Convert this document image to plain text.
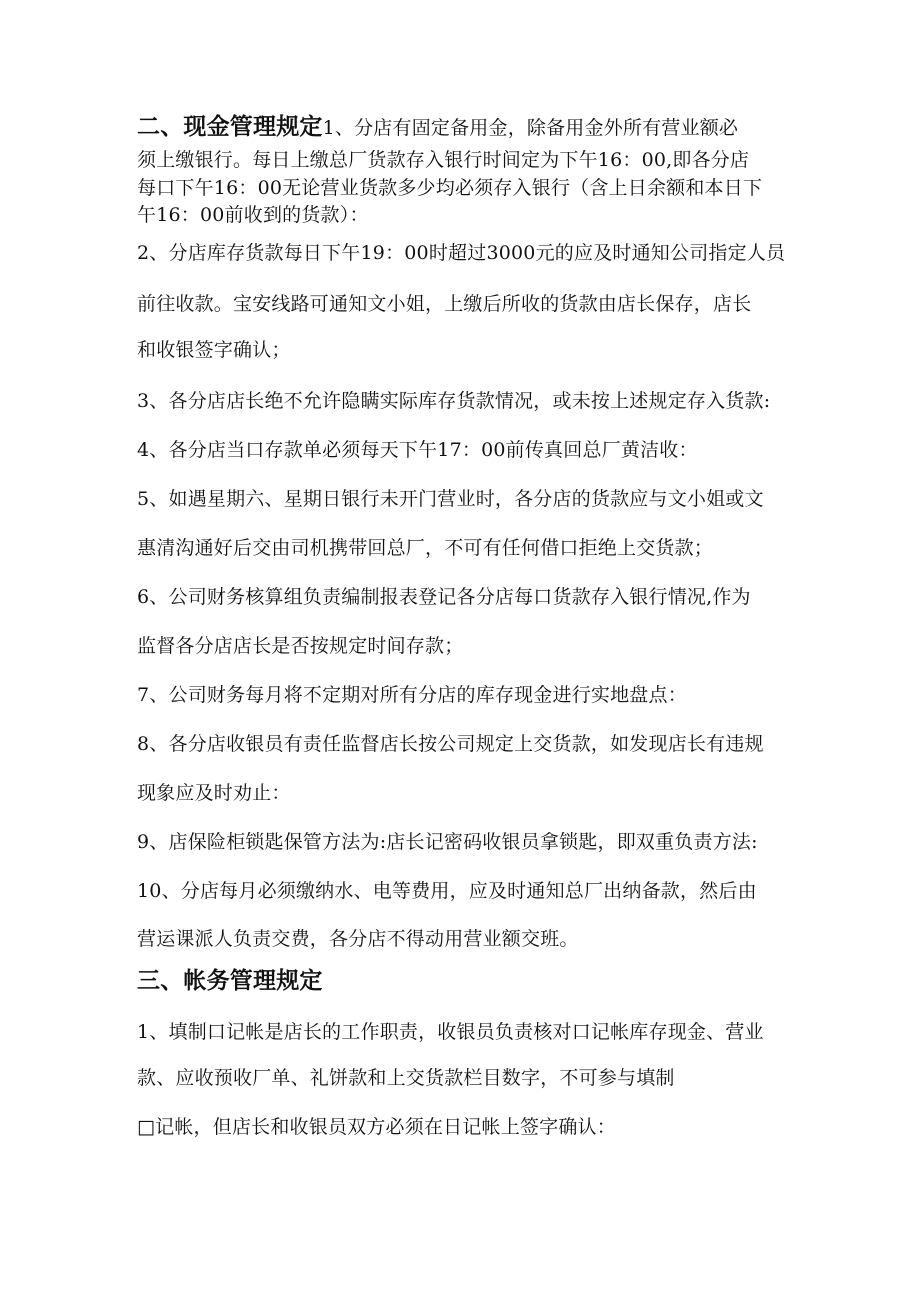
二、现金管理规定1、分店有固定备用金，除备用金外所有营业额必
须上缴银行。每日上缴总厂货款存入银行时间定为下午16：00,即各分店
每口下午16：00无论营业货款多少均必须存入银行（含上日余额和本日下
午16：00前收到的货款）：
2、分店库存货款每日下午19：00时超过3000元的应及时通知公司指定人员
前往收款。宝安线路可通知文小姐，上缴后所收的货款由店长保存，店长
和收银签字确认；
3、各分店店长绝不允许隐瞒实际库存货款情况，或未按上述规定存入货款:
4、各分店当口存款单必须每天下午17：00前传真回总厂黄洁收：
5、如遇星期六、星期日银行未开门营业时，各分店的货款应与文小姐或文
惠清沟通好后交由司机携带回总厂，不可有任何借口拒绝上交货款；
6、公司财务核算组负责编制报表登记各分店每口货款存入银行情况,作为
监督各分店店长是否按规定时间存款；
7、公司财务每月将不定期对所有分店的库存现金进行实地盘点：
8、各分店收银员有责任监督店长按公司规定上交货款，如发现店长有违规
现象应及时劝止：
9、店保险柜锁匙保管方法为:店长记密码收银员拿锁匙，即双重负责方法:
10、分店每月必须缴纳水、电等费用，应及时通知总厂出纳备款，然后由
营运课派人负责交费，各分店不得动用营业额交班。
三、帐务管理规定
1、填制口记帐是店长的工作职责，收银员负责核对口记帐库存现金、营业
款、应收预收厂单、礼饼款和上交货款栏目数字，不可参与填制
□记帐，但店长和收银员双方必须在日记帐上签字确认：
